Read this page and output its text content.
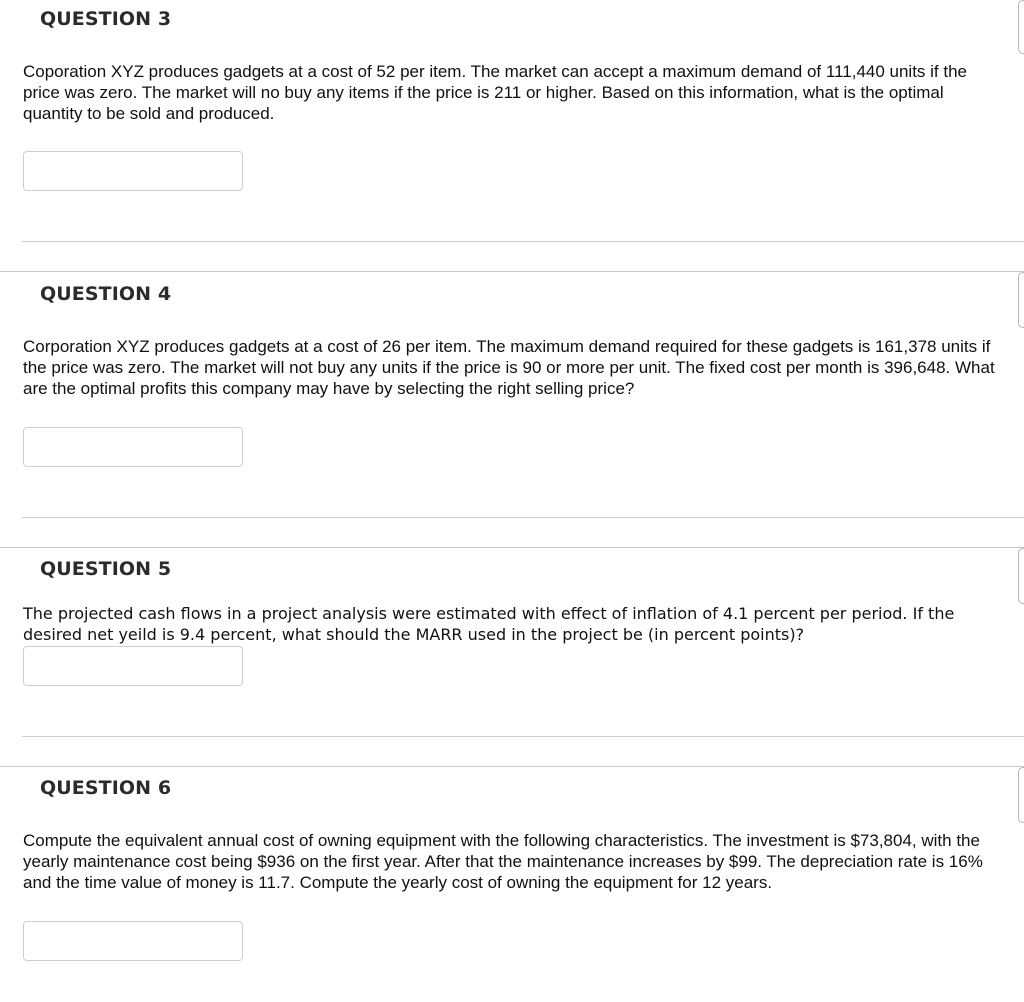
QUESTION 3
Coporation XYZ produces gadgets at a cost of 52 per item. The market can accept a maximum demand of 111,440 units if the price was zero. The market will no buy any items if the price is 211 or higher. Based on this information, what is the optimal quantity to be sold and produced.
QUESTION 4
Corporation XYZ produces gadgets at a cost of 26 per item. The maximum demand required for these gadgets is 161,378 units if the price was zero. The market will not buy any units if the price is 90 or more per unit. The fixed cost per month is 396,648. What are the optimal profits this company may have by selecting the right selling price?
QUESTION 5
The projected cash flows in a project analysis were estimated with effect of inflation of 4.1 percent per period. If the desired net yeild is 9.4 percent, what should the MARR used in the project be (in percent points)?
QUESTION 6
Compute the equivalent annual cost of owning equipment with the following characteristics. The investment is $73,804, with the yearly maintenance cost being $936 on the first year. After that the maintenance increases by $99. The depreciation rate is 16% and the time value of money is 11.7. Compute the yearly cost of owning the equipment for 12 years.
